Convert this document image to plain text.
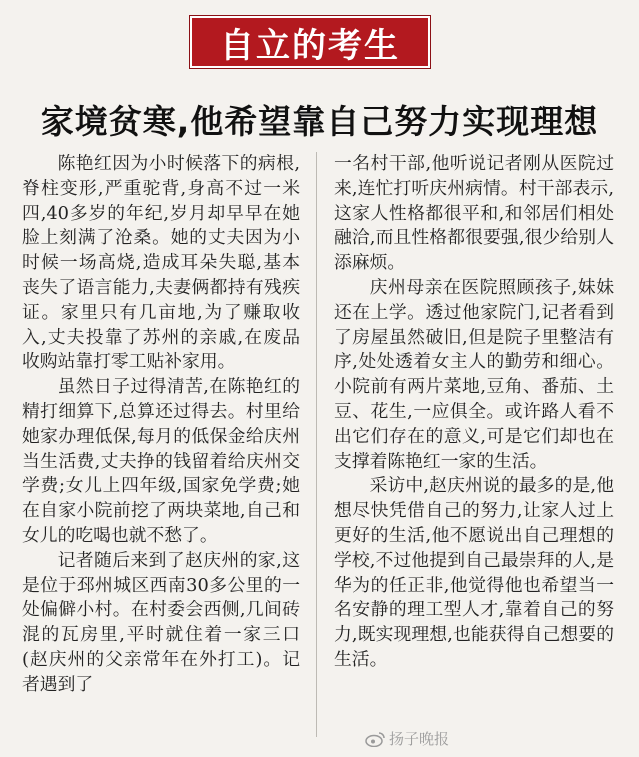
自立的考生
家境贫寒,他希望靠自己努力实现理想

陈艳红因为小时候落下的病根,脊柱变形,严重驼背,身高不过一米四,40多岁的年纪,岁月却早早在她脸上刻满了沧桑。她的丈夫因为小时候一场高烧,造成耳朵失聪,基本丧失了语言能力,夫妻俩都持有残疾证。家里只有几亩地,为了赚取收入,丈夫投靠了苏州的亲戚,在废品收购站靠打零工贴补家用。

虽然日子过得清苦,在陈艳红的精打细算下,总算还过得去。村里给她家办理低保,每月的低保金给庆州当生活费,丈夫挣的钱留着给庆州交学费;女儿上四年级,国家免学费;她在自家小院前挖了两块菜地,自己和女儿的吃喝也就不愁了。

记者随后来到了赵庆州的家,这是位于邳州城区西南30多公里的一处偏僻小村。在村委会西侧,几间砖混的瓦房里,平时就住着一家三口(赵庆州的父亲常年在外打工)。记者遇到了

一名村干部,他听说记者刚从医院过来,连忙打听庆州病情。村干部表示,这家人性格都很平和,和邻居们相处融洽,而且性格都很要强,很少给别人添麻烦。

庆州母亲在医院照顾孩子,妹妹还在上学。透过他家院门,记者看到了房屋虽然破旧,但是院子里整洁有序,处处透着女主人的勤劳和细心。小院前有两片菜地,豆角、番茄、土豆、花生,一应俱全。或许路人看不出它们存在的意义,可是它们却也在支撑着陈艳红一家的生活。

采访中,赵庆州说的最多的是,他想尽快凭借自己的努力,让家人过上更好的生活,他不愿说出自己理想的学校,不过他提到自己最崇拜的人,是华为的任正非,他觉得他也希望当一名安静的理工型人才,靠着自己的努力,既实现理想,也能获得自己想要的生活。

扬子晚报
